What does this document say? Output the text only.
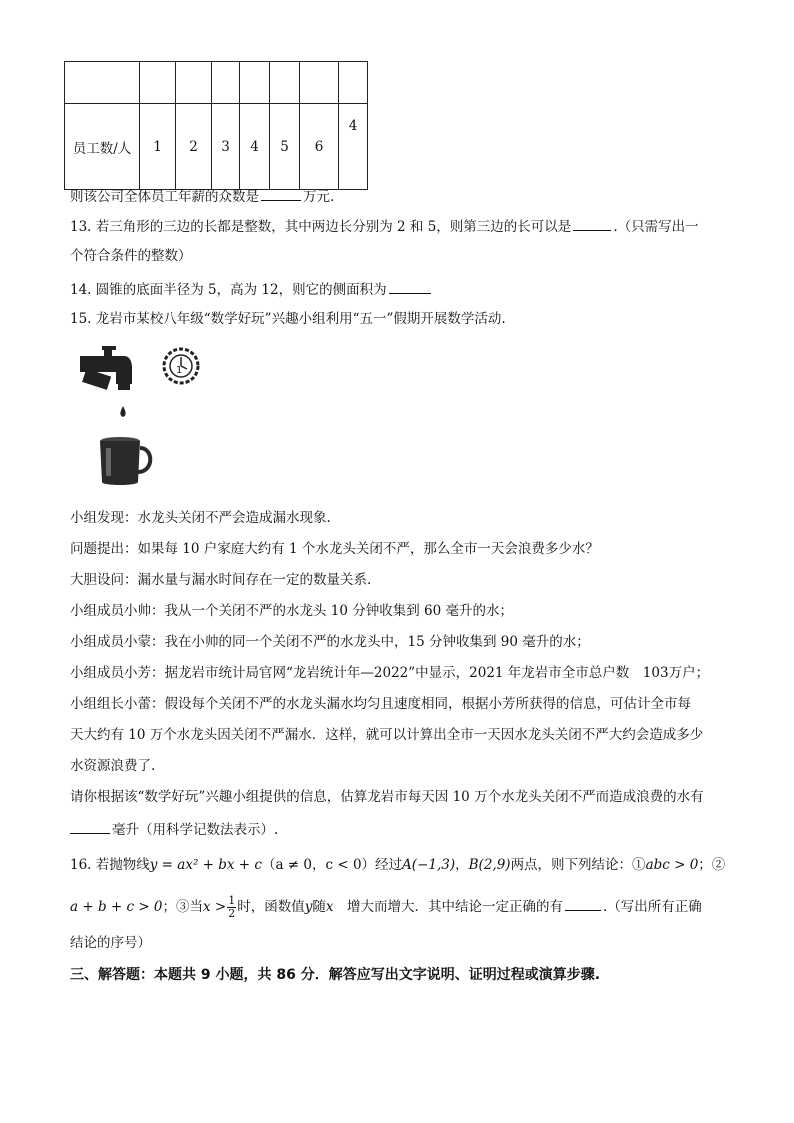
员工数/人	1	2	3	4	5	6	4
则该公司全体员工年薪的众数是	万元.
13. 若三角形的三边的长都是整数，其中两边长分别为 2 和 5，则第三边的长可以是	.（只需写出一
个符合条件的整数）
14. 圆锥的底面半径为 5，高为 12，则它的侧面积为
15. 龙岩市某校八年级“数学好玩”兴趣小组利用“五一”假期开展数学活动.
1
小组发现：水龙头关闭不严会造成漏水现象.
问题提出：如果每 10 户家庭大约有 1 个水龙头关闭不严，那么全市一天会浪费多少水？
大胆设问：漏水量与漏水时间存在一定的数量关系.
小组成员小帅：我从一个关闭不严的水龙头 10 分钟收集到 60 毫升的水；
小组成员小蒙：我在小帅的同一个关闭不严的水龙头中，15 分钟收集到 90 毫升的水；
小组成员小芳：据龙岩市统计局官网“龙岩统计年—2022”中显示，2021 年龙岩市全市总户数　103万户；
小组组长小蕾：假设每个关闭不严的水龙头漏水均匀且速度相同，根据小芳所获得的信息，可估计全市每
天大约有 10 万个水龙头因关闭不严漏水．这样，就可以计算出全市一天因水龙头关闭不严大约会造成多少
水资源浪费了.
请你根据该“数学好玩”兴趣小组提供的信息，估算龙岩市每天因 10 万个水龙头关闭不严而造成浪费的水有
毫升（用科学记数法表示）.
16. 若抛物线y = ax² + bx + c（a ≠ 0，c < 0）经过A(−1,3)，B(2,9)两点，则下列结论：①abc > 0；②
a + b + c > 0；③当$x > \frac{1}{2}$ 时，函数值y随x　增大而增大．其中结论一定正确的有	.（写出所有正确
结论的序号）
三、解答题：本题共 9 小题，共 86 分．解答应写出文字说明、证明过程或演算步骤.
